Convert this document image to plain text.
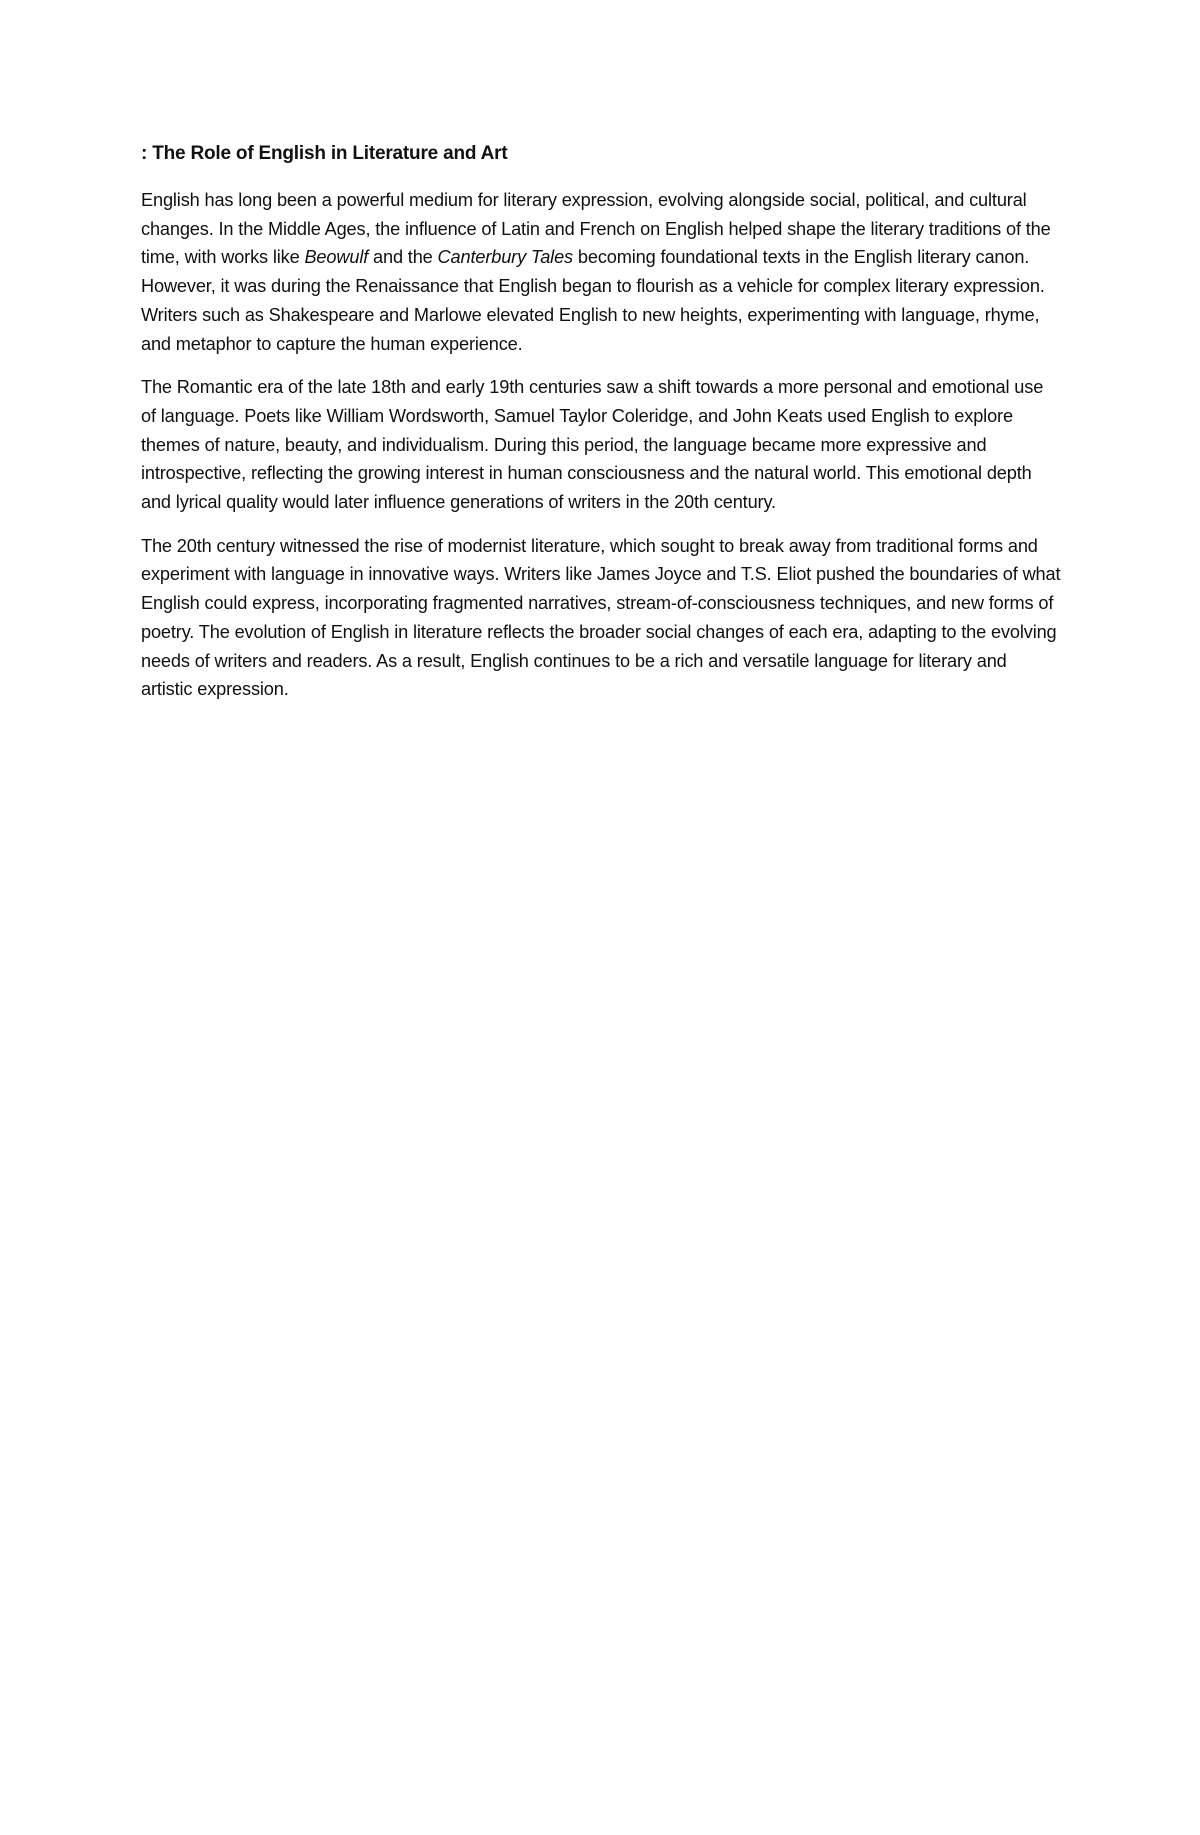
: The Role of English in Literature and Art

English has long been a powerful medium for literary expression, evolving alongside social, political, and cultural changes. In the Middle Ages, the influence of Latin and French on English helped shape the literary traditions of the time, with works like Beowulf and the Canterbury Tales becoming foundational texts in the English literary canon. However, it was during the Renaissance that English began to flourish as a vehicle for complex literary expression. Writers such as Shakespeare and Marlowe elevated English to new heights, experimenting with language, rhyme, and metaphor to capture the human experience.

The Romantic era of the late 18th and early 19th centuries saw a shift towards a more personal and emotional use of language. Poets like William Wordsworth, Samuel Taylor Coleridge, and John Keats used English to explore themes of nature, beauty, and individualism. During this period, the language became more expressive and introspective, reflecting the growing interest in human consciousness and the natural world. This emotional depth and lyrical quality would later influence generations of writers in the 20th century.

The 20th century witnessed the rise of modernist literature, which sought to break away from traditional forms and experiment with language in innovative ways. Writers like James Joyce and T.S. Eliot pushed the boundaries of what English could express, incorporating fragmented narratives, stream-of-consciousness techniques, and new forms of poetry. The evolution of English in literature reflects the broader social changes of each era, adapting to the evolving needs of writers and readers. As a result, English continues to be a rich and versatile language for literary and artistic expression.
